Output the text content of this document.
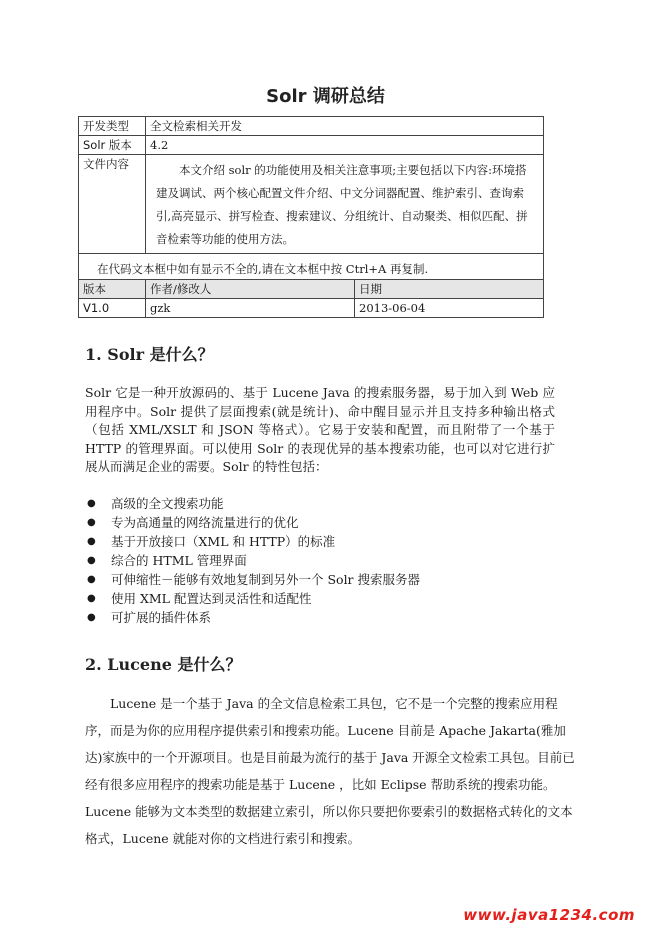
Solr 调研总结
开发类型	全文检索相关开发	
Solr 版本	4.2	
文件内容	本文介绍 solr 的功能使用及相关注意事项;主要包括以下内容:环境搭建及调试、两个核心配置文件介绍、中文分词器配置、维护索引、查询索引,高亮显示、拼写检查、搜索建议、分组统计、自动聚类、相似匹配、拼音检索等功能的使用方法。	
在代码文本框中如有显示不全的,请在文本框中按 Ctrl+A 再复制.		
版本	作者/修改人	日期
V1.0	gzk	2013-06-04
1. Solr 是什么？

Solr 它是一种开放源码的、基于 Lucene Java 的搜索服务器，易于加入到 Web 应用程序中。Solr 提供了层面搜索(就是统计)、命中醒目显示并且支持多种输出格式（包括 XML/XSLT 和 JSON 等格式）。它易于安装和配置，而且附带了一个基于 HTTP 的管理界面。可以使用 Solr 的表现优异的基本搜索功能，也可以对它进行扩展从而满足企业的需要。Solr 的特性包括：

● 高级的全文搜索功能
● 专为高通量的网络流量进行的优化
● 基于开放接口（XML 和 HTTP）的标准
● 综合的 HTML 管理界面
● 可伸缩性－能够有效地复制到另外一个 Solr 搜索服务器
● 使用 XML 配置达到灵活性和适配性
● 可扩展的插件体系
2. Lucene 是什么？

Lucene 是一个基于 Java 的全文信息检索工具包，它不是一个完整的搜索应用程序，而是为你的应用程序提供索引和搜索功能。Lucene 目前是 Apache Jakarta(雅加达)家族中的一个开源项目。也是目前最为流行的基于 Java 开源全文检索工具包。目前已经有很多应用程序的搜索功能是基于 Lucene ，比如 Eclipse 帮助系统的搜索功能。Lucene 能够为文本类型的数据建立索引，所以你只要把你要索引的数据格式转化的文本格式，Lucene 就能对你的文档进行索引和搜索。

www.java1234.com
